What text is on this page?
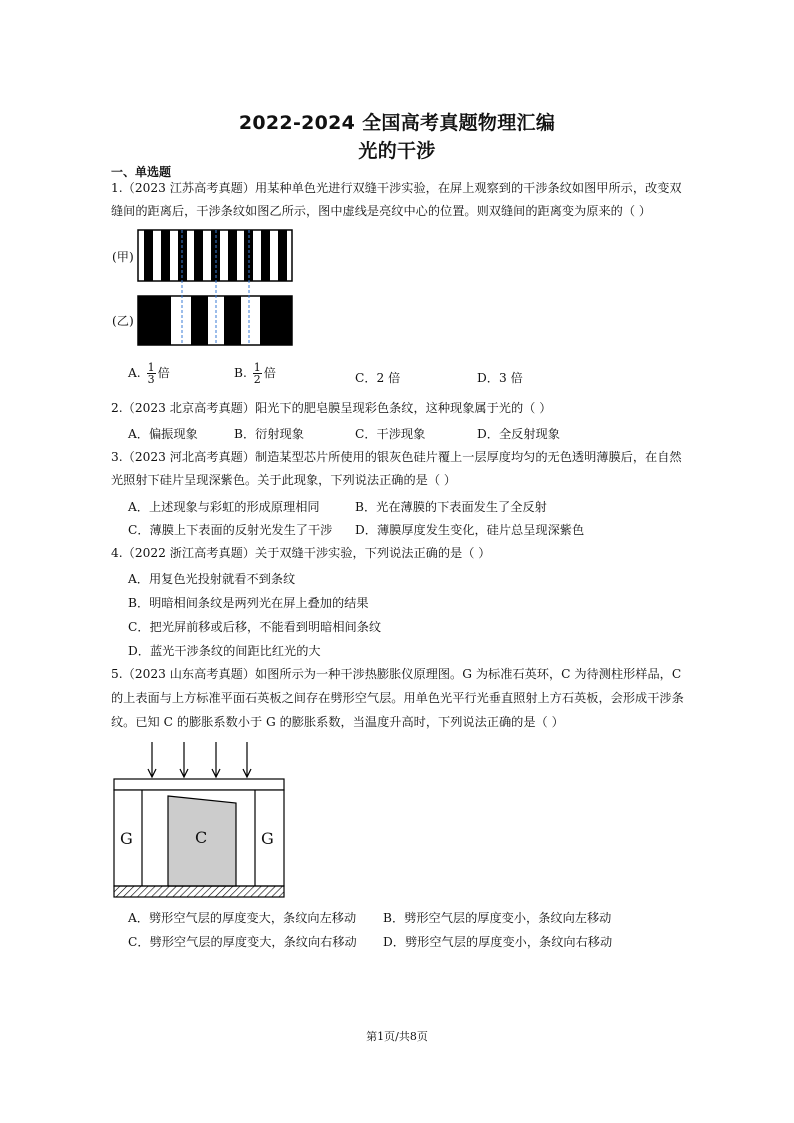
2022-2024 全国高考真题物理汇编
光的干涉
一、单选题
1.（2023 江苏高考真题）用某种单色光进行双缝干涉实验，在屏上观察到的干涉条纹如图甲所示，改变双
缝间的距离后，干涉条纹如图乙所示，图中虚线是亮纹中心的位置。则双缝间的距离变为原来的（ ）
(甲)
(乙)
A. $\frac{1}{3}$ 倍	B. $\frac{1}{2}$ 倍	C．2 倍	D．3 倍
2.（2023 北京高考真题）阳光下的肥皂膜呈现彩色条纹，这种现象属于光的（ ）
A．偏振现象	B．衍射现象	C．干涉现象	D．全反射现象
3.（2023 河北高考真题）制造某型芯片所使用的银灰色硅片覆上一层厚度均匀的无色透明薄膜后，在自然
光照射下硅片呈现深紫色。关于此现象，下列说法正确的是（ ）
A．上述现象与彩虹的形成原理相同	B．光在薄膜的下表面发生了全反射
C．薄膜上下表面的反射光发生了干涉 D．薄膜厚度发生变化，硅片总呈现深紫色
4.（2022 浙江高考真题）关于双缝干涉实验，下列说法正确的是（ ）
A．用复色光投射就看不到条纹
B．明暗相间条纹是两列光在屏上叠加的结果
C．把光屏前移或后移，不能看到明暗相间条纹
D．蓝光干涉条纹的间距比红光的大
5.（2023 山东高考真题）如图所示为一种干涉热膨胀仪原理图。G 为标准石英环，C 为待测柱形样品，C
的上表面与上方标准平面石英板之间存在劈形空气层。用单色光平行光垂直照射上方石英板，会形成干涉条
纹。已知 C 的膨胀系数小于 G 的膨胀系数，当温度升高时，下列说法正确的是（ ）
G	C	G
A．劈形空气层的厚度变大，条纹向左移动 B．劈形空气层的厚度变小，条纹向左移动
C．劈形空气层的厚度变大，条纹向右移动 D．劈形空气层的厚度变小，条纹向右移动
第1页/共8页
